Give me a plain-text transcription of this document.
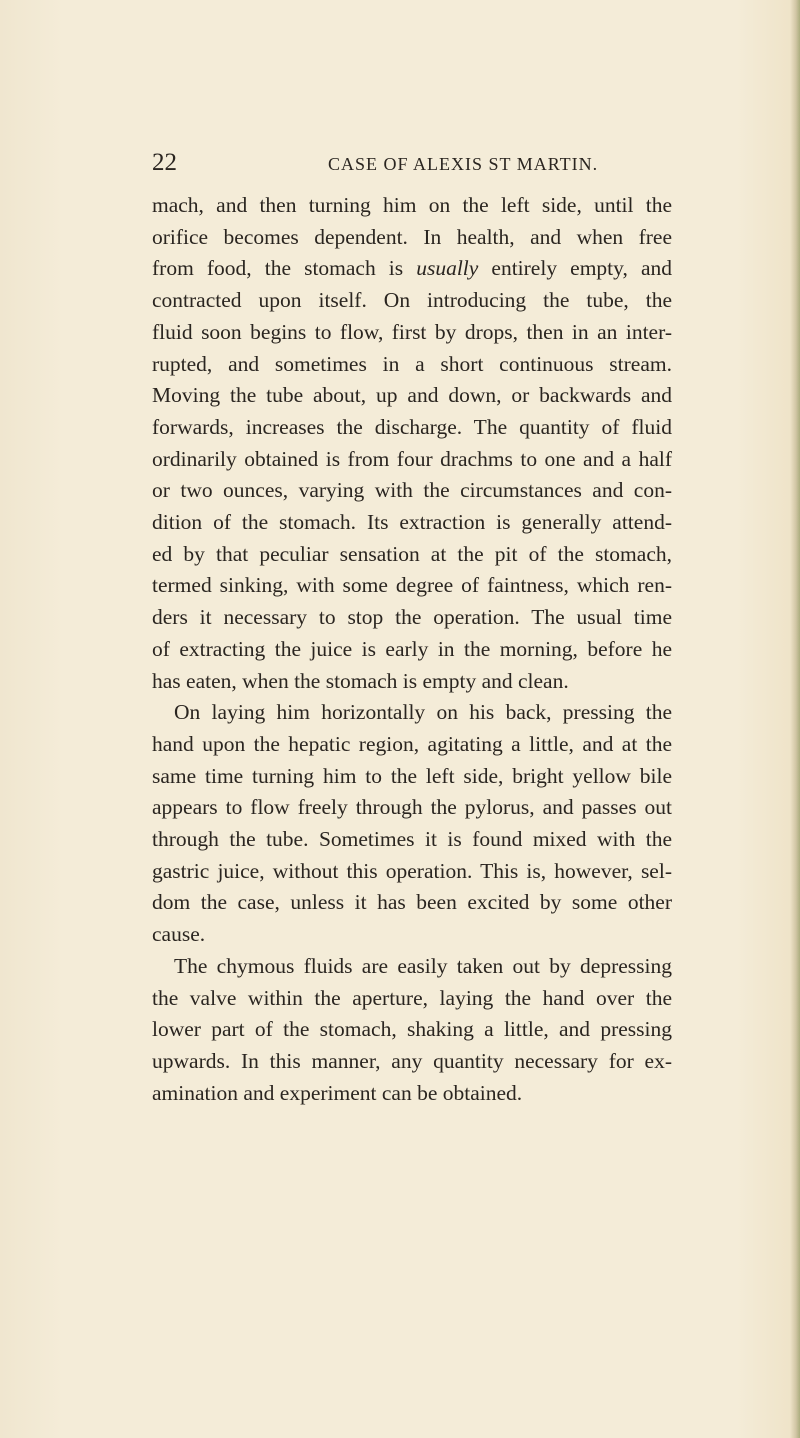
22	CASE OF ALEXIS ST MARTIN.

mach, and then turning him on the left side, until the
orifice becomes dependent. In health, and when free
from food, the stomach is usually entirely empty, and
contracted upon itself. On introducing the tube, the
fluid soon begins to flow, first by drops, then in an inter-
rupted, and sometimes in a short continuous stream.
Moving the tube about, up and down, or backwards and
forwards, increases the discharge. The quantity of fluid
ordinarily obtained is from four drachms to one and a half
or two ounces, varying with the circumstances and con-
dition of the stomach. Its extraction is generally attend-
ed by that peculiar sensation at the pit of the stomach,
termed sinking, with some degree of faintness, which ren-
ders it necessary to stop the operation. The usual time
of extracting the juice is early in the morning, before he
has eaten, when the stomach is empty and clean.

On laying him horizontally on his back, pressing the
hand upon the hepatic region, agitating a little, and at the
same time turning him to the left side, bright yellow bile
appears to flow freely through the pylorus, and passes out
through the tube. Sometimes it is found mixed with the
gastric juice, without this operation. This is, however, sel-
dom the case, unless it has been excited by some other
cause.

The chymous fluids are easily taken out by depressing
the valve within the aperture, laying the hand over the
lower part of the stomach, shaking a little, and pressing
upwards. In this manner, any quantity necessary for ex-
amination and experiment can be obtained.
